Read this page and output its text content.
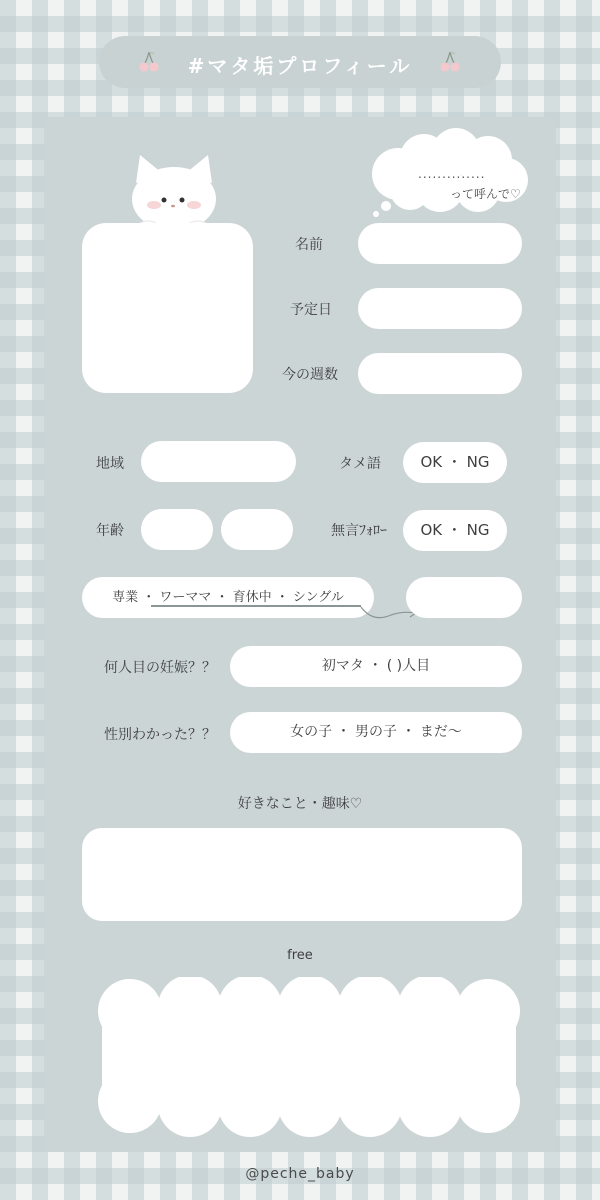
#マタ垢プロフィール
..............
って呼んで♡
名前
予定日
今の週数
地域	タメ語	OK ・ NG
年齢	無言ﾌｫﾛｰ	OK ・ NG
専業 ・ ワーママ ・ 育休中 ・ シングル
何人目の妊娠？？	初マタ ・ ( )人目
性別わかった？？	女の子 ・ 男の子 ・ まだ〜
好きなこと・趣味♡
free
@peche_baby
